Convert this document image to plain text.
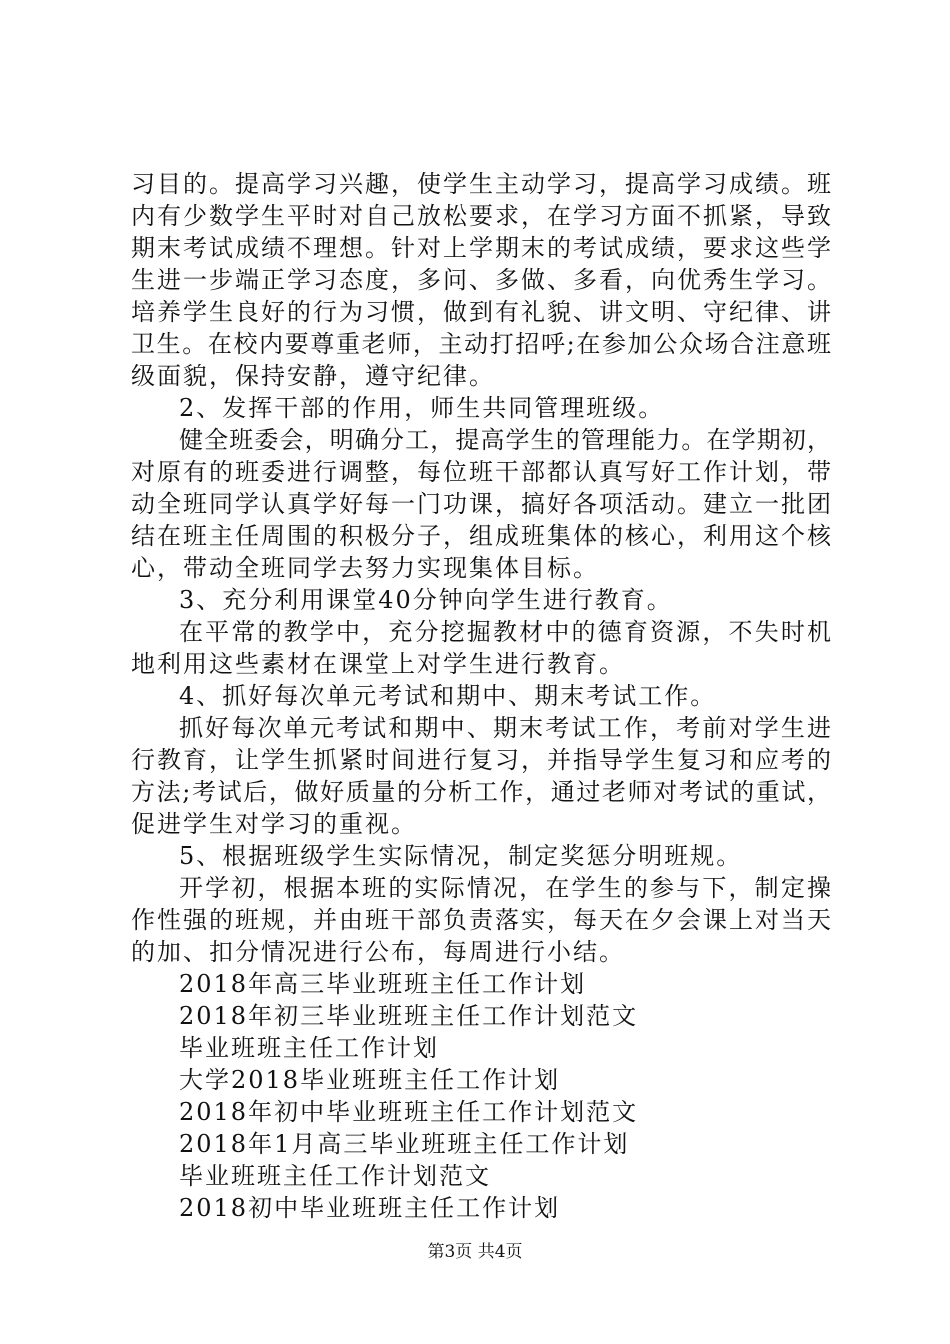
习目的。提高学习兴趣，使学生主动学习，提高学习成绩。班
内有少数学生平时对自己放松要求，在学习方面不抓紧，导致
期末考试成绩不理想。针对上学期末的考试成绩，要求这些学
生进一步端正学习态度，多问、多做、多看，向优秀生学习。
培养学生良好的行为习惯，做到有礼貌、讲文明、守纪律、讲
卫生。在校内要尊重老师，主动打招呼;在参加公众场合注意班
级面貌，保持安静，遵守纪律。
2、发挥干部的作用，师生共同管理班级。
健全班委会，明确分工，提高学生的管理能力。在学期初，
对原有的班委进行调整，每位班干部都认真写好工作计划，带
动全班同学认真学好每一门功课，搞好各项活动。建立一批团
结在班主任周围的积极分子，组成班集体的核心，利用这个核
心，带动全班同学去努力实现集体目标。
3、充分利用课堂40分钟向学生进行教育。
在平常的教学中，充分挖掘教材中的德育资源，不失时机
地利用这些素材在课堂上对学生进行教育。
4、抓好每次单元考试和期中、期末考试工作。
抓好每次单元考试和期中、期末考试工作，考前对学生进
行教育，让学生抓紧时间进行复习，并指导学生复习和应考的
方法;考试后，做好质量的分析工作，通过老师对考试的重试，
促进学生对学习的重视。
5、根据班级学生实际情况，制定奖惩分明班规。
开学初，根据本班的实际情况，在学生的参与下，制定操
作性强的班规，并由班干部负责落实，每天在夕会课上对当天
的加、扣分情况进行公布，每周进行小结。
2018年高三毕业班班主任工作计划
2018年初三毕业班班主任工作计划范文
毕业班班主任工作计划
大学2018毕业班班主任工作计划
2018年初中毕业班班主任工作计划范文
2018年1月高三毕业班班主任工作计划
毕业班班主任工作计划范文
2018初中毕业班班主任工作计划
第3页 共4页
